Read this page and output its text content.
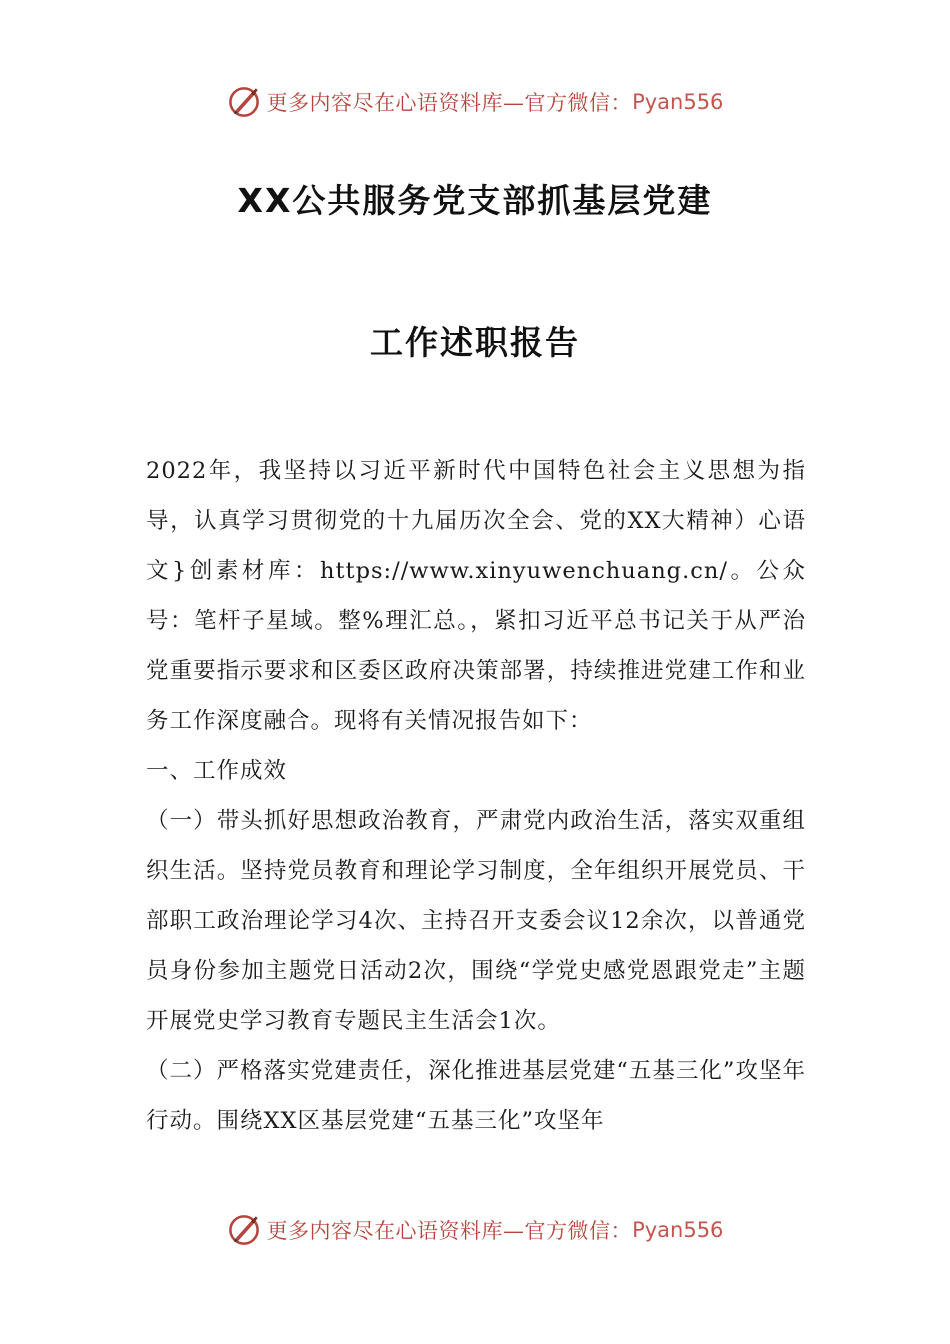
更多内容尽在心语资料库—官方微信： Pyan556
XX公共服务党支部抓基层党建
工作述职报告

2022年，我坚持以习近平新时代中国特色社会主义思想为指导，认真学习贯彻党的十九届历次全会、党的XX大精神）心语文}创素材库：https://www.xinyuwenchuang.cn/。公众号：笔杆子星域。整%理汇总。，紧扣习近平总书记关于从严治党重要指示要求和区委区政府决策部署，持续推进党建工作和业务工作深度融合。现将有关情况报告如下：

一、工作成效

（一）带头抓好思想政治教育，严肃党内政治生活，落实双重组织生活。坚持党员教育和理论学习制度，全年组织开展党员、干部职工政治理论学习4次、主持召开支委会议12余次，以普通党员身份参加主题党日活动2次，围绕“学党史感党恩跟党走”主题开展党史学习教育专题民主生活会1次。

（二）严格落实党建责任，深化推进基层党建“五基三化”攻坚年行动。围绕XX区基层党建“五基三化”攻坚年

更多内容尽在心语资料库—官方微信： Pyan556
